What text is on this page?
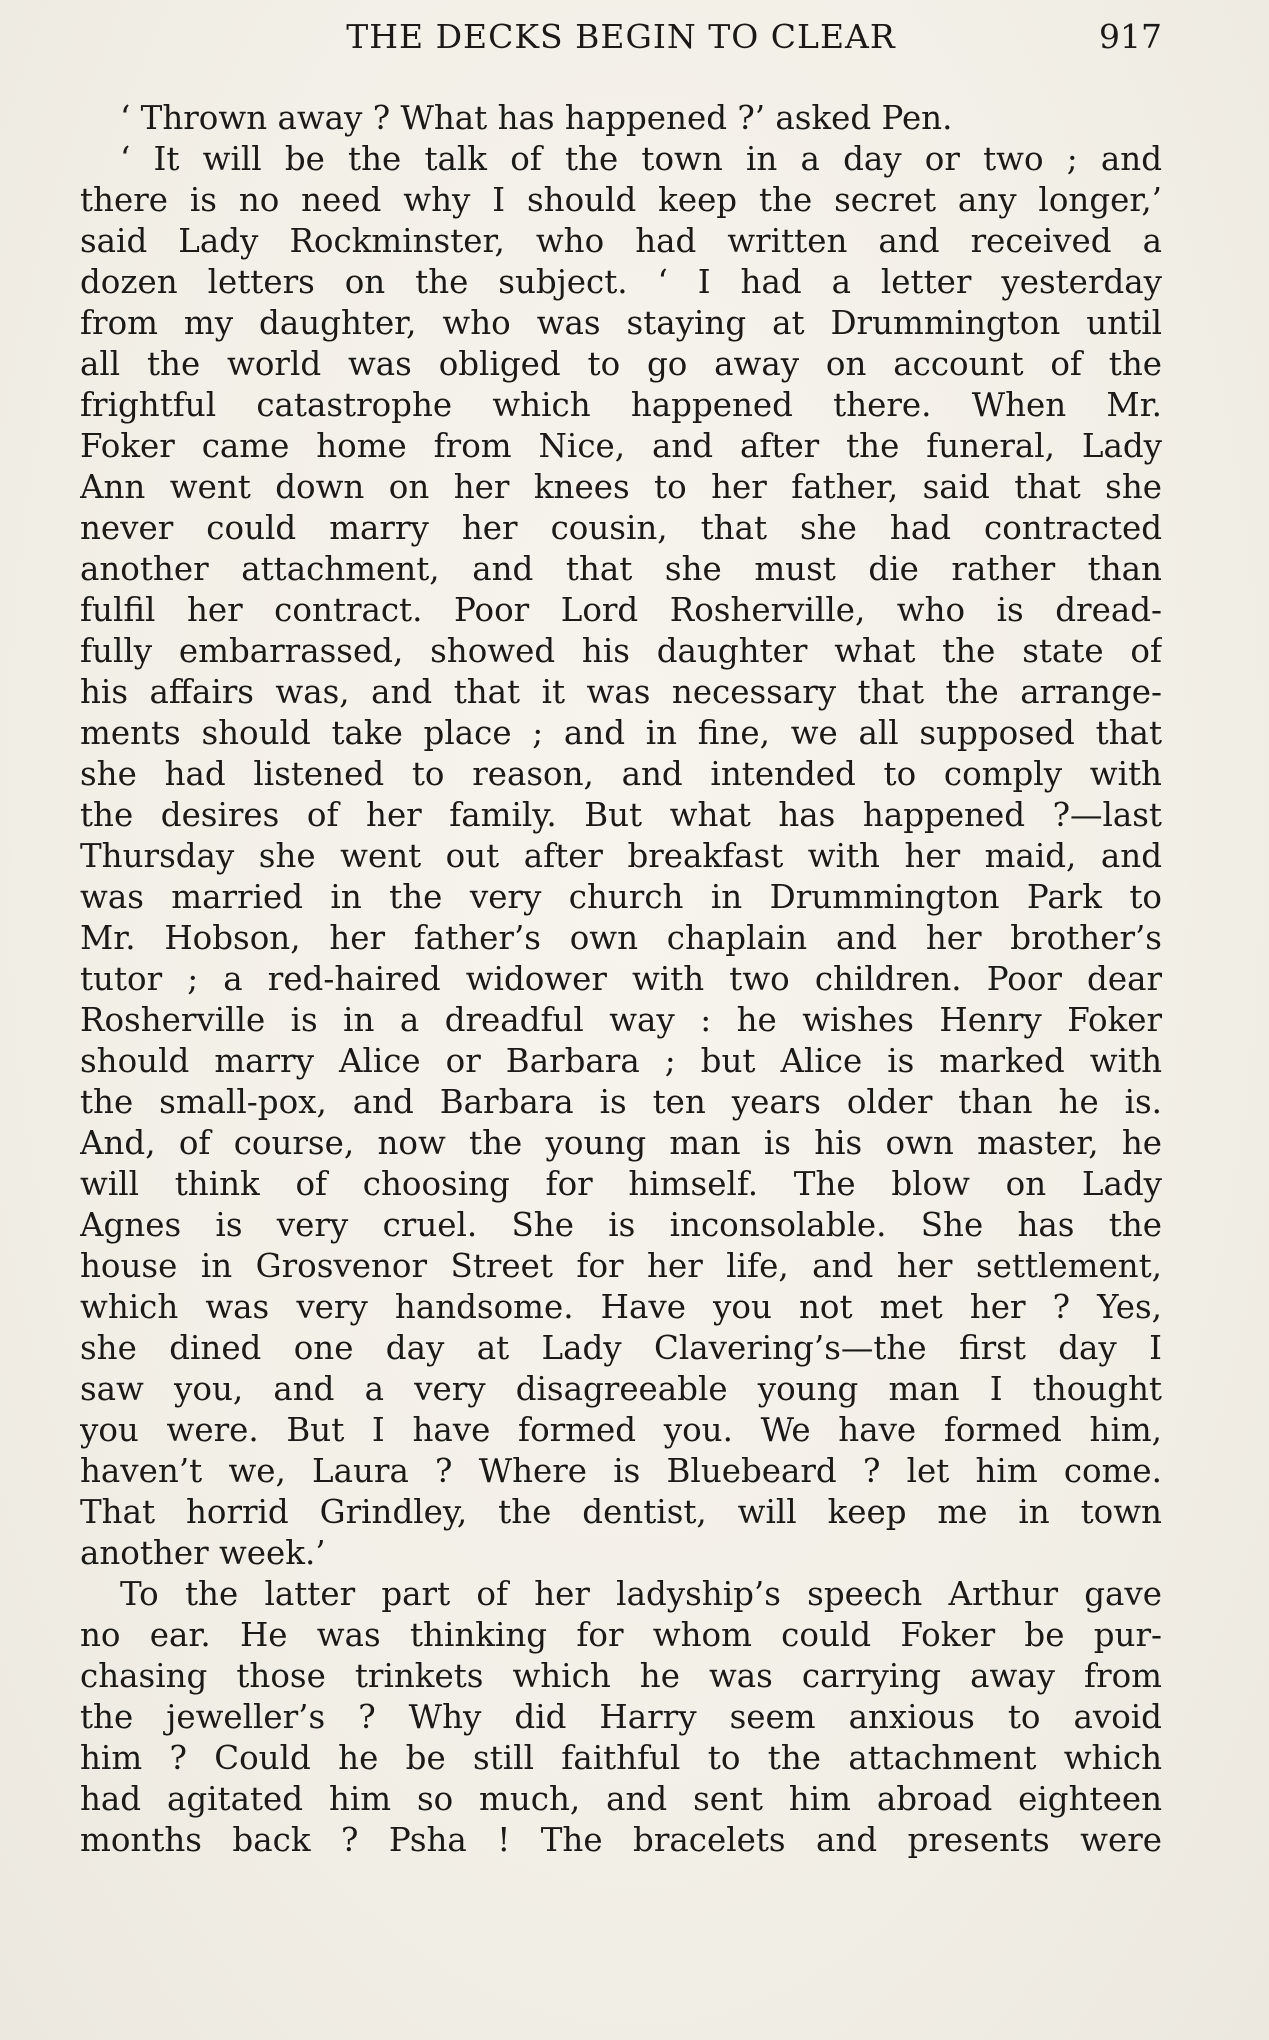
THE DECKS BEGIN TO CLEAR	917
‘ Thrown away ? What has happened ?’ asked Pen.
‘ It will be the talk of the town in a day or two ; and
there is no need why I should keep the secret any longer,’
said Lady Rockminster, who had written and received a
dozen letters on the subject. ‘ I had a letter yesterday
from my daughter, who was staying at Drummington until
all the world was obliged to go away on account of the
frightful catastrophe which happened there. When Mr.
Foker came home from Nice, and after the funeral, Lady
Ann went down on her knees to her father, said that she
never could marry her cousin, that she had contracted
another attachment, and that she must die rather than
fulfil her contract. Poor Lord Rosherville, who is dread-
fully embarrassed, showed his daughter what the state of
his affairs was, and that it was necessary that the arrange-
ments should take place ; and in fine, we all supposed that
she had listened to reason, and intended to comply with
the desires of her family. But what has happened ?—last
Thursday she went out after breakfast with her maid, and
was married in the very church in Drummington Park to
Mr. Hobson, her father’s own chaplain and her brother’s
tutor ; a red-haired widower with two children. Poor dear
Rosherville is in a dreadful way : he wishes Henry Foker
should marry Alice or Barbara ; but Alice is marked with
the small-pox, and Barbara is ten years older than he is.
And, of course, now the young man is his own master, he
will think of choosing for himself. The blow on Lady
Agnes is very cruel. She is inconsolable. She has the
house in Grosvenor Street for her life, and her settlement,
which was very handsome. Have you not met her ? Yes,
she dined one day at Lady Clavering’s—the first day I
saw you, and a very disagreeable young man I thought
you were. But I have formed you. We have formed him,
haven’t we, Laura ? Where is Bluebeard ? let him come.
That horrid Grindley, the dentist, will keep me in town
another week.’
To the latter part of her ladyship’s speech Arthur gave
no ear. He was thinking for whom could Foker be pur-
chasing those trinkets which he was carrying away from
the jeweller’s ? Why did Harry seem anxious to avoid
him ? Could he be still faithful to the attachment which
had agitated him so much, and sent him abroad eighteen
months back ? Psha ! The bracelets and presents were
